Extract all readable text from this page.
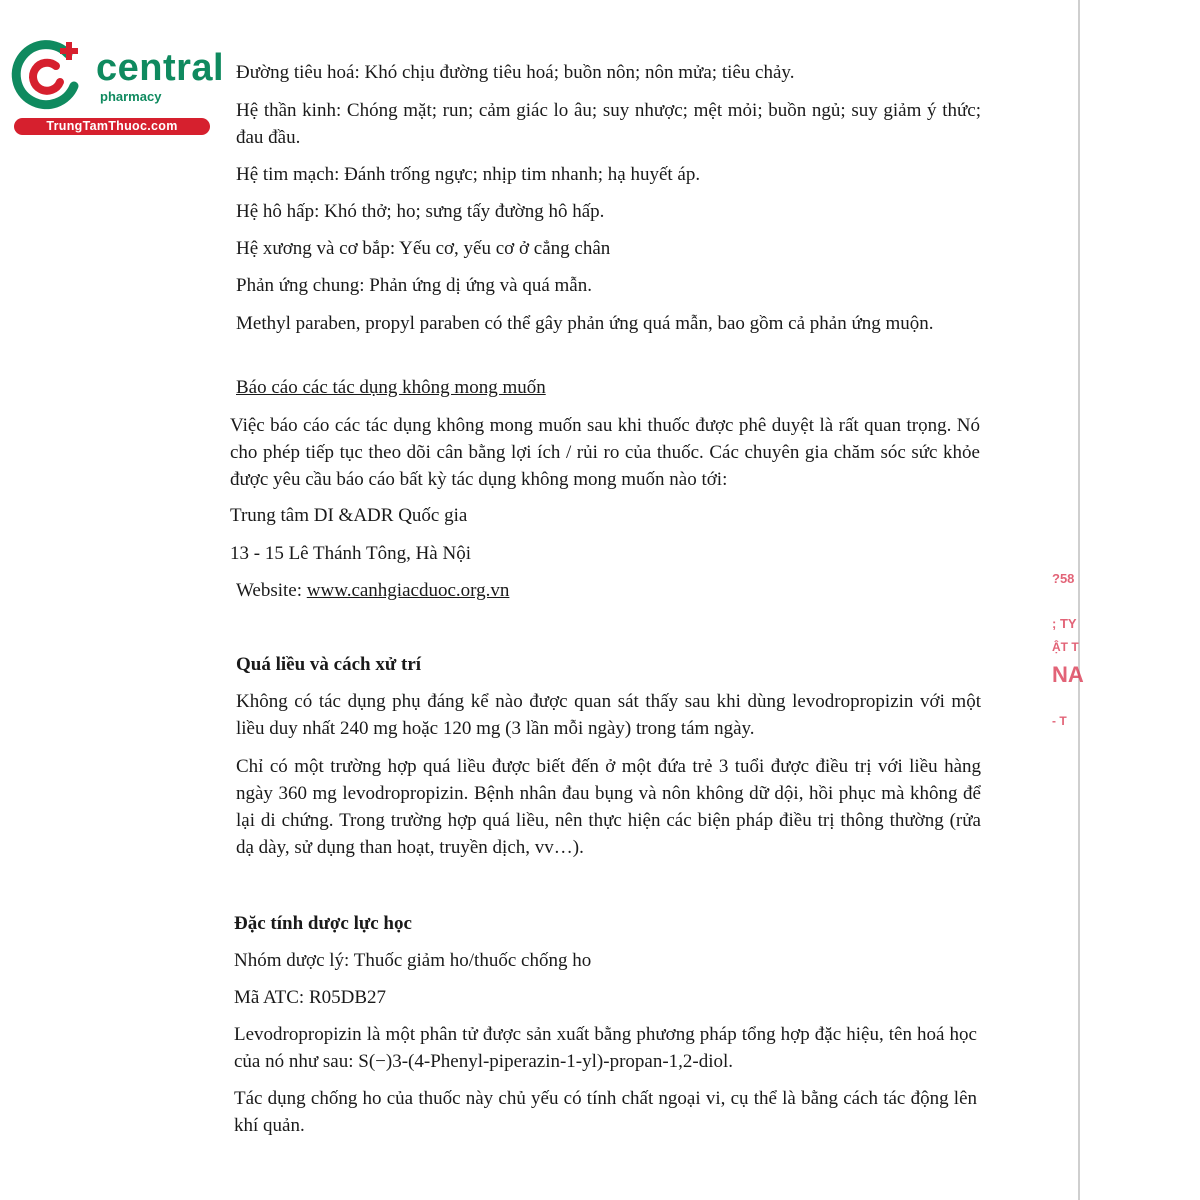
central
pharmacy
TrungTamThuoc.com

Đường tiêu hoá: Khó chịu đường tiêu hoá; buồn nôn; nôn mửa; tiêu chảy.

Hệ thần kinh: Chóng mặt; run; cảm giác lo âu; suy nhược; mệt mỏi; buồn ngủ; suy giảm ý thức; đau đầu.

Hệ tim mạch: Đánh trống ngực; nhịp tim nhanh; hạ huyết áp.

Hệ hô hấp: Khó thở; ho; sưng tấy đường hô hấp.

Hệ xương và cơ bắp: Yếu cơ, yếu cơ ở cẳng chân

Phản ứng chung: Phản ứng dị ứng và quá mẫn.

Methyl paraben, propyl paraben có thể gây phản ứng quá mẫn, bao gồm cả phản ứng muộn.

Báo cáo các tác dụng không mong muốn

Việc báo cáo các tác dụng không mong muốn sau khi thuốc được phê duyệt là rất quan trọng. Nó cho phép tiếp tục theo dõi cân bằng lợi ích / rủi ro của thuốc. Các chuyên gia chăm sóc sức khỏe được yêu cầu báo cáo bất kỳ tác dụng không mong muốn nào tới:

Trung tâm DI &ADR Quốc gia

13 - 15 Lê Thánh Tông, Hà Nội

Website: www.canhgiacduoc.org.vn

Quá liều và cách xử trí

Không có tác dụng phụ đáng kể nào được quan sát thấy sau khi dùng levodropropizin với một liều duy nhất 240 mg hoặc 120 mg (3 lần mỗi ngày) trong tám ngày.

Chỉ có một trường hợp quá liều được biết đến ở một đứa trẻ 3 tuổi được điều trị với liều hàng ngày 360 mg levodropropizin. Bệnh nhân đau bụng và nôn không dữ dội, hồi phục mà không để lại di chứng. Trong trường hợp quá liều, nên thực hiện các biện pháp điều trị thông thường (rửa dạ dày, sử dụng than hoạt, truyền dịch, vv…).

Đặc tính dược lực học

Nhóm dược lý: Thuốc giảm ho/thuốc chống ho

Mã ATC: R05DB27

Levodropropizin là một phân tử được sản xuất bằng phương pháp tổng hợp đặc hiệu, tên hoá học của nó như sau: S(−)3-(4-Phenyl-piperazin-1-yl)-propan-1,2-diol.

Tác dụng chống ho của thuốc này chủ yếu có tính chất ngoại vi, cụ thể là bằng cách tác động lên khí quản.

?58
; TY
ẬT T
NA
- T
